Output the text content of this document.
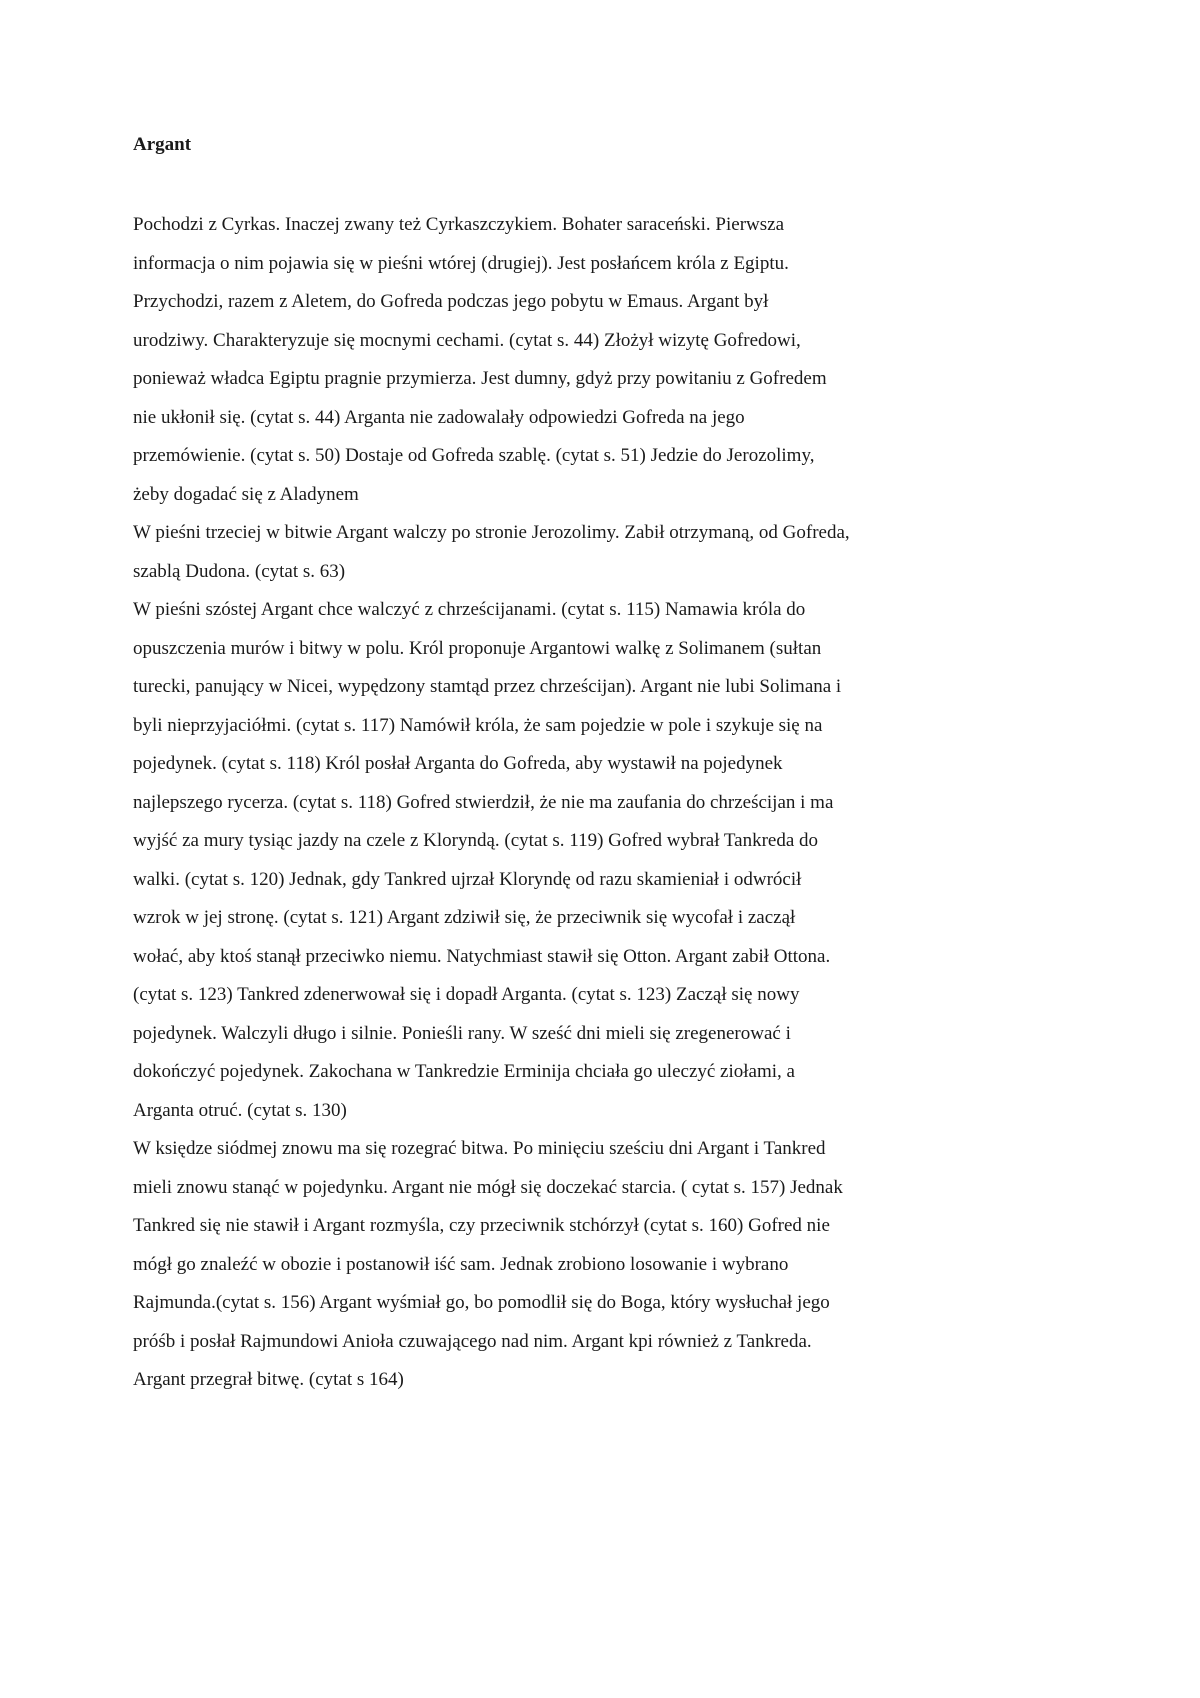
Argant
Pochodzi z Cyrkas. Inaczej zwany też Cyrkaszczykiem. Bohater saraceński. Pierwsza
informacja o nim pojawia się w pieśni wtórej (drugiej). Jest posłańcem króla z Egiptu.
Przychodzi, razem z Aletem, do Gofreda podczas jego pobytu w Emaus. Argant był
urodziwy. Charakteryzuje się mocnymi cechami. (cytat s. 44) Złożył wizytę Gofredowi,
ponieważ władca Egiptu pragnie przymierza. Jest dumny, gdyż przy powitaniu z Gofredem
nie ukłonił się. (cytat s. 44) Arganta nie zadowalały odpowiedzi Gofreda na jego
przemówienie. (cytat s. 50) Dostaje od Gofreda szablę. (cytat s. 51) Jedzie do Jerozolimy,
żeby dogadać się z Aladynem
W pieśni trzeciej w bitwie Argant walczy po stronie Jerozolimy. Zabił otrzymaną, od Gofreda,
szablą Dudona. (cytat s. 63)
W pieśni szóstej Argant chce walczyć z chrześcijanami. (cytat s. 115) Namawia króla do
opuszczenia murów i bitwy w polu. Król proponuje Argantowi walkę z Solimanem (sułtan
turecki, panujący w Nicei, wypędzony stamtąd przez chrześcijan). Argant nie lubi Solimana i
byli nieprzyjaciółmi. (cytat s. 117) Namówił króla, że sam pojedzie w pole i szykuje się na
pojedynek. (cytat s. 118) Król posłał Arganta do Gofreda, aby wystawił na pojedynek
najlepszego rycerza. (cytat s. 118) Gofred stwierdził, że nie ma zaufania do chrześcijan i ma
wyjść za mury tysiąc jazdy na czele z Kloryndą. (cytat s. 119) Gofred wybrał Tankreda do
walki. (cytat s. 120) Jednak, gdy Tankred ujrzał Kloryndę od razu skamieniał i odwrócił
wzrok w jej stronę. (cytat s. 121) Argant zdziwił się, że przeciwnik się wycofał i zaczął
wołać, aby ktoś stanął przeciwko niemu. Natychmiast stawił się Otton. Argant zabił Ottona.
(cytat s. 123) Tankred zdenerwował się i dopadł Arganta. (cytat s. 123) Zaczął się nowy
pojedynek. Walczyli długo i silnie. Ponieśli rany. W sześć dni mieli się zregenerować i
dokończyć pojedynek. Zakochana w Tankredzie Erminija chciała go uleczyć ziołami, a
Arganta otruć. (cytat s. 130)
W księdze siódmej znowu ma się rozegrać bitwa. Po minięciu sześciu dni Argant i Tankred
mieli znowu stanąć w pojedynku. Argant nie mógł się doczekać starcia. ( cytat s. 157) Jednak
Tankred się nie stawił i Argant rozmyśla, czy przeciwnik stchórzył (cytat s. 160) Gofred nie
mógł go znaleźć w obozie i postanowił iść sam. Jednak zrobiono losowanie i wybrano
Rajmunda.(cytat s. 156) Argant wyśmiał go, bo pomodlił się do Boga, który wysłuchał jego
próśb i posłał Rajmundowi Anioła czuwającego nad nim. Argant kpi również z Tankreda.
Argant przegrał bitwę. (cytat s 164)
